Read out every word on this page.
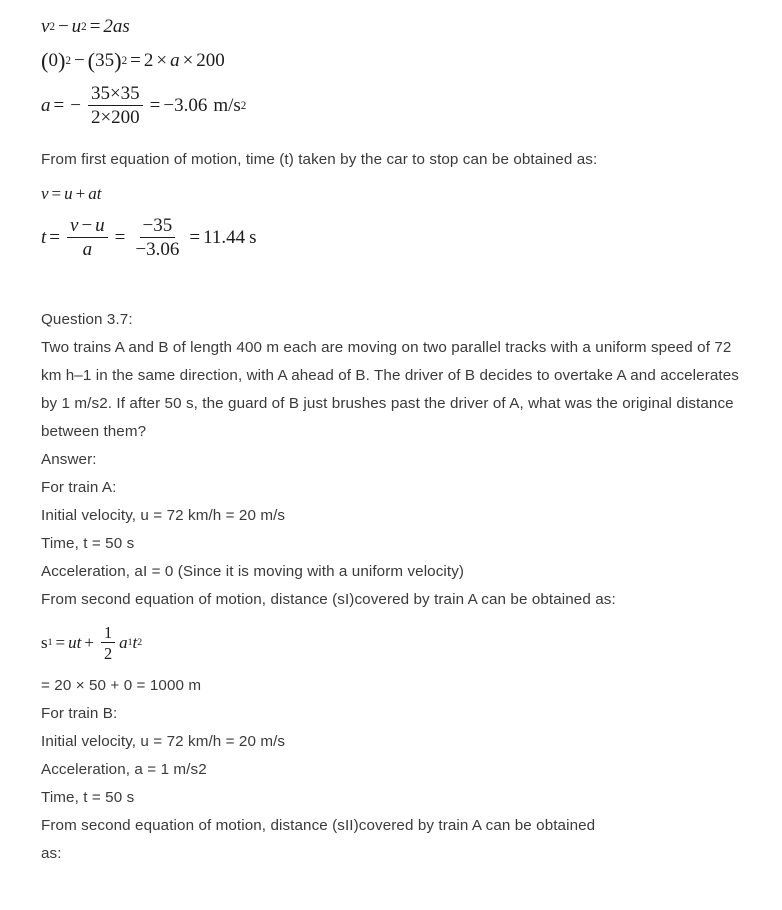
v 2 − u 2 = 2as
( 0 ) 2 − ( 35 ) 2 = 2 × a × 200
a = − $\frac{35\times 35}{2\times 200} = -3.06$ m/s 2
From first equation of motion, time (t) taken by the car to stop can be obtained as:
v = u + at
$t = \frac{v - u}{a} = \frac{-35}{-3.06} = 11.44$ s
Question 3.7:
Two trains A and B of length 400 m each are moving on two parallel tracks with a uniform speed of 72 km h–1 in the same direction, with A ahead of B. The driver of B decides to overtake A and accelerates by 1 m/s2. If after 50 s, the guard of B just brushes past the driver of A, what was the original distance between them?
Answer:
For train A:
Initial velocity, u = 72 km/h = 20 m/s
Time, t = 50 s
Acceleration, aI = 0 (Since it is moving with a uniform velocity)
From second equation of motion, distance (sI)covered by train A can be obtained as:
s 1 = ut + $\frac{1}{2}$ a 1 t 2
= 20 × 50 + 0 = 1000 m
For train B:
Initial velocity, u = 72 km/h = 20 m/s
Acceleration, a = 1 m/s2
Time, t = 50 s
From second equation of motion, distance (sII)covered by train A can be obtained
as:
